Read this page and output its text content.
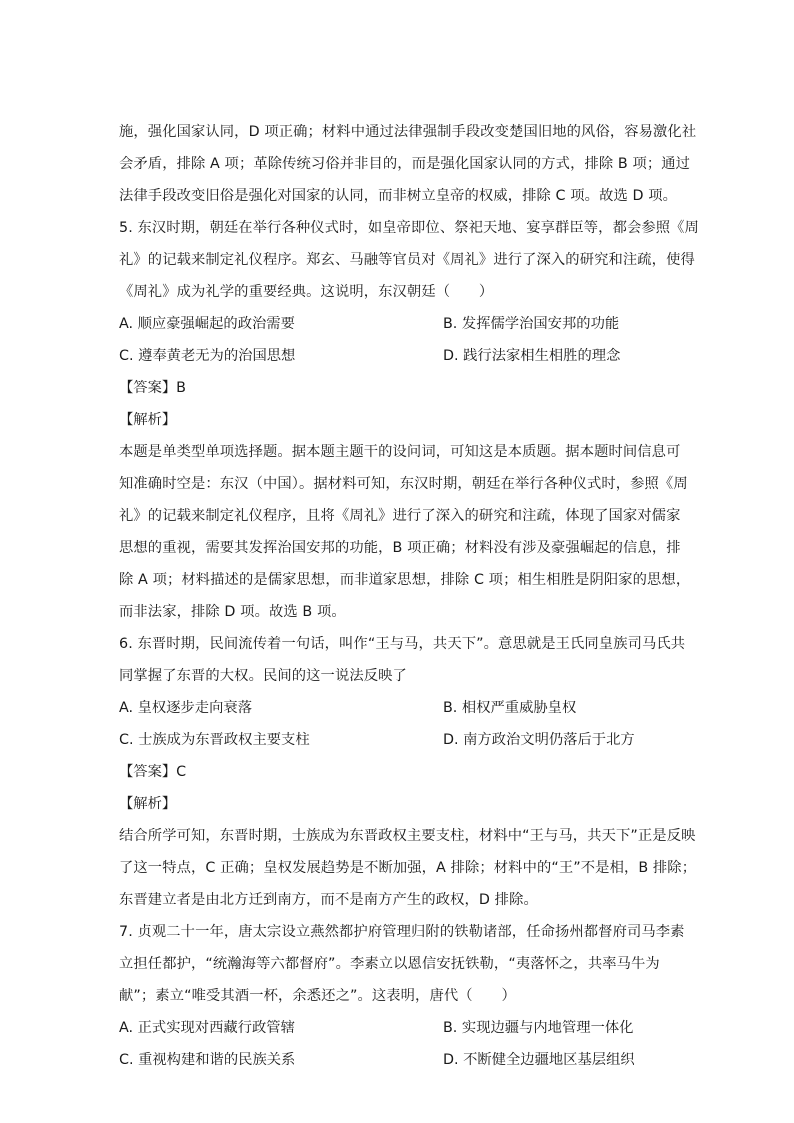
施，强化国家认同，D 项正确；材料中通过法律强制手段改变楚国旧地的风俗，容易激化社
会矛盾，排除 A 项；革除传统习俗并非目的，而是强化国家认同的方式，排除 B 项；通过
法律手段改变旧俗是强化对国家的认同，而非树立皇帝的权威，排除 C 项。故选 D 项。
5. 东汉时期，朝廷在举行各种仪式时，如皇帝即位、祭祀天地、宴享群臣等，都会参照《周
礼》的记载来制定礼仪程序。郑玄、马融等官员对《周礼》进行了深入的研究和注疏，使得
《周礼》成为礼学的重要经典。这说明，东汉朝廷（　　）
A. 顺应豪强崛起的政治需要	B. 发挥儒学治国安邦的功能
C. 遵奉黄老无为的治国思想	D. 践行法家相生相胜的理念
【答案】B
【解析】
本题是单类型单项选择题。据本题主题干的设问词，可知这是本质题。据本题时间信息可
知准确时空是：东汉（中国）。据材料可知，东汉时期，朝廷在举行各种仪式时，参照《周
礼》的记载来制定礼仪程序，且将《周礼》进行了深入的研究和注疏，体现了国家对儒家
思想的重视，需要其发挥治国安邦的功能，B 项正确；材料没有涉及豪强崛起的信息，排
除 A 项；材料描述的是儒家思想，而非道家思想，排除 C 项；相生相胜是阴阳家的思想，
而非法家，排除 D 项。故选 B 项。
6. 东晋时期，民间流传着一句话，叫作“王与马，共天下”。意思就是王氏同皇族司马氏共
同掌握了东晋的大权。民间的这一说法反映了
A. 皇权逐步走向衰落	B. 相权严重威胁皇权
C. 士族成为东晋政权主要支柱	D. 南方政治文明仍落后于北方
【答案】C
【解析】
结合所学可知，东晋时期，士族成为东晋政权主要支柱，材料中“王与马，共天下”正是反映
了这一特点，C 正确；皇权发展趋势是不断加强，A 排除；材料中的“王”不是相，B 排除；
东晋建立者是由北方迁到南方，而不是南方产生的政权，D 排除。
7. 贞观二十一年，唐太宗设立燕然都护府管理归附的铁勒诸部，任命扬州都督府司马李素
立担任都护，“统瀚海等六都督府”。李素立以恩信安抚铁勒，“夷落怀之，共率马牛为
献”；素立“唯受其酒一杯，余悉还之”。这表明，唐代（　　）
A. 正式实现对西藏行政管辖	B. 实现边疆与内地管理一体化
C. 重视构建和谐的民族关系	D. 不断健全边疆地区基层组织
